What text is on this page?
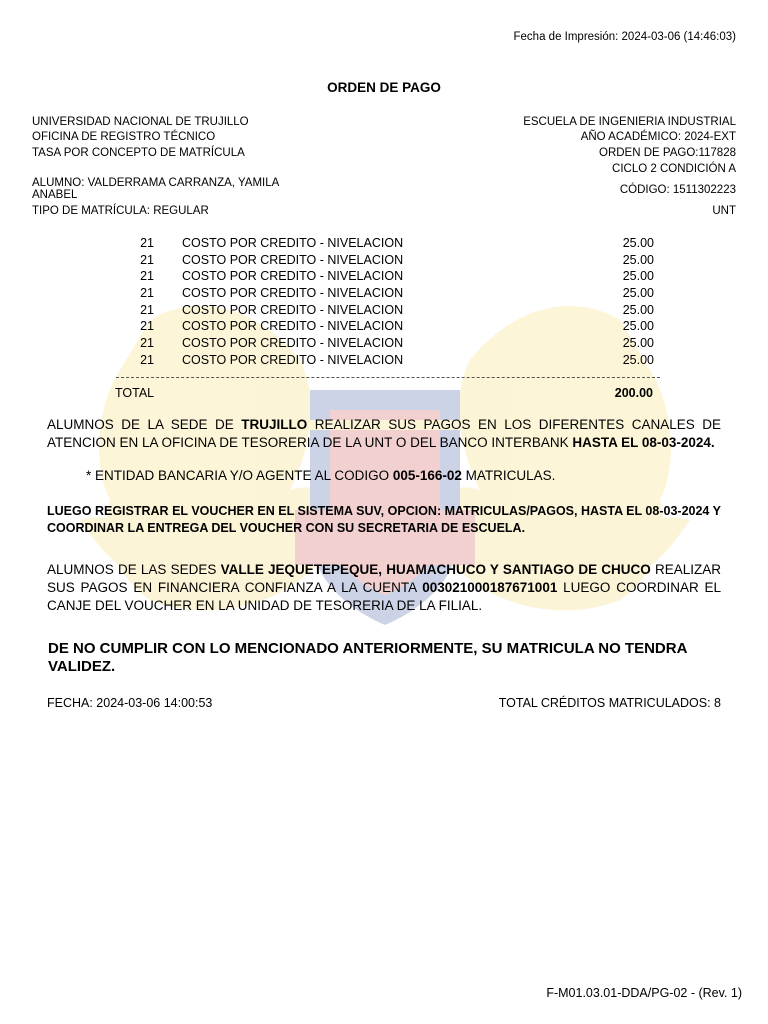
Fecha de Impresión: 2024-03-06 (14:46:03)
ORDEN DE PAGO
UNIVERSIDAD NACIONAL DE TRUJILLO
OFICINA DE REGISTRO TÉCNICO
TASA POR CONCEPTO DE MATRÍCULA
ESCUELA DE INGENIERIA INDUSTRIAL
AÑO ACADÉMICO: 2024-EXT
ORDEN DE PAGO:117828
CICLO 2 CONDICIÓN A
ALUMNO: VALDERRAMA CARRANZA, YAMILA ANABEL	CÓDIGO: 1511302223
TIPO DE MATRÍCULA: REGULAR	UNT
21 COSTO POR CREDITO - NIVELACION	25.00
21 COSTO POR CREDITO - NIVELACION	25.00
21 COSTO POR CREDITO - NIVELACION	25.00
21 COSTO POR CREDITO - NIVELACION	25.00
21 COSTO POR CREDITO - NIVELACION	25.00
21 COSTO POR CREDITO - NIVELACION	25.00
21 COSTO POR CREDITO - NIVELACION	25.00
21 COSTO POR CREDITO - NIVELACION	25.00
TOTAL	200.00
ALUMNOS DE LA SEDE DE TRUJILLO REALIZAR SUS PAGOS EN LOS DIFERENTES CANALES DE ATENCION EN LA OFICINA DE TESORERIA DE LA UNT O DEL BANCO INTERBANK HASTA EL 08-03-2024.
* ENTIDAD BANCARIA Y/O AGENTE AL CODIGO 005-166-02 MATRICULAS.
LUEGO REGISTRAR EL VOUCHER EN EL SISTEMA SUV, OPCION: MATRICULAS/PAGOS, HASTA EL 08-03-2024 Y COORDINAR LA ENTREGA DEL VOUCHER CON SU SECRETARIA DE ESCUELA.
ALUMNOS DE LAS SEDES VALLE JEQUETEPEQUE, HUAMACHUCO Y SANTIAGO DE CHUCO REALIZAR SUS PAGOS EN FINANCIERA CONFIANZA A LA CUENTA 003021000187671001 LUEGO COORDINAR EL CANJE DEL VOUCHER EN LA UNIDAD DE TESORERIA DE LA FILIAL.
DE NO CUMPLIR CON LO MENCIONADO ANTERIORMENTE, SU MATRICULA NO TENDRA VALIDEZ.
FECHA: 2024-03-06 14:00:53	TOTAL CRÉDITOS MATRICULADOS: 8
F-M01.03.01-DDA/PG-02 - (Rev. 1)
